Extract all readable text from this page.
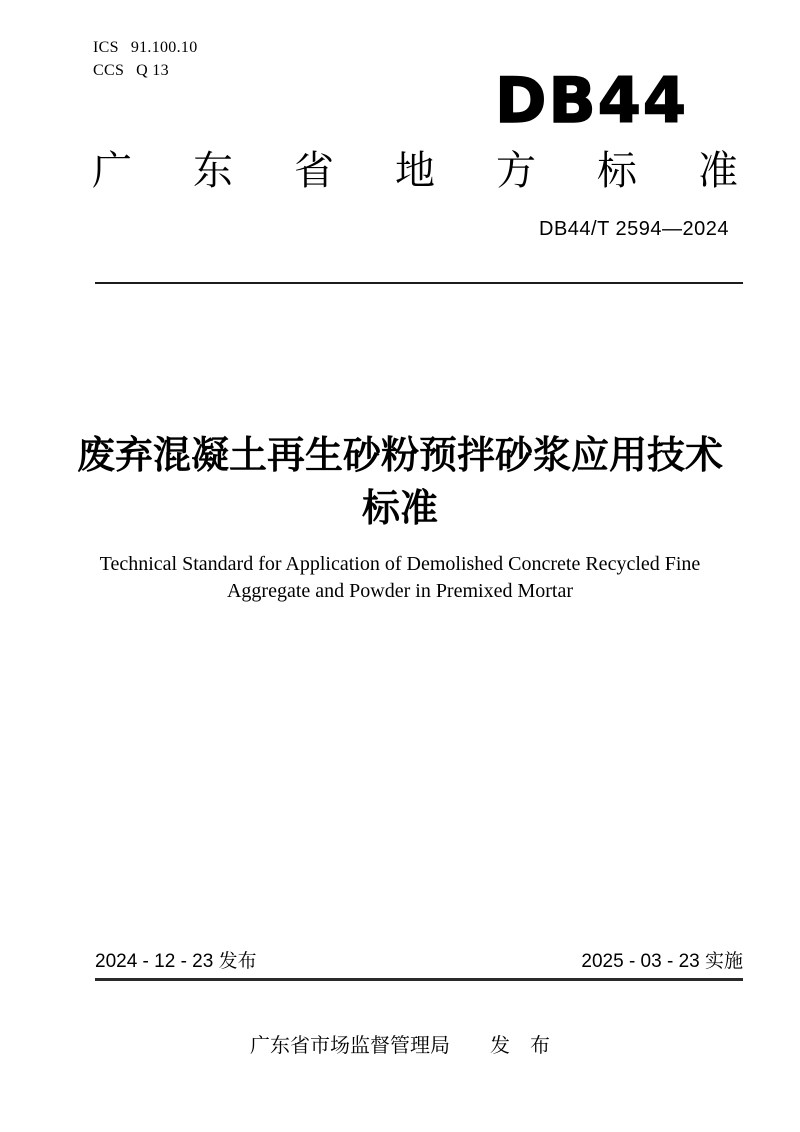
ICS 91.100.10
CCS Q 13	DB44
广东省地方标准
DB44/T 2594—2024
废弃混凝土再生砂粉预拌砂浆应用技术
标准
Technical Standard for Application of Demolished Concrete Recycled Fine
Aggregate and Powder in Premixed Mortar
2024 - 12 - 23 发布	2025 - 03 - 23 实施
广东省市场监督管理局　　发　布
